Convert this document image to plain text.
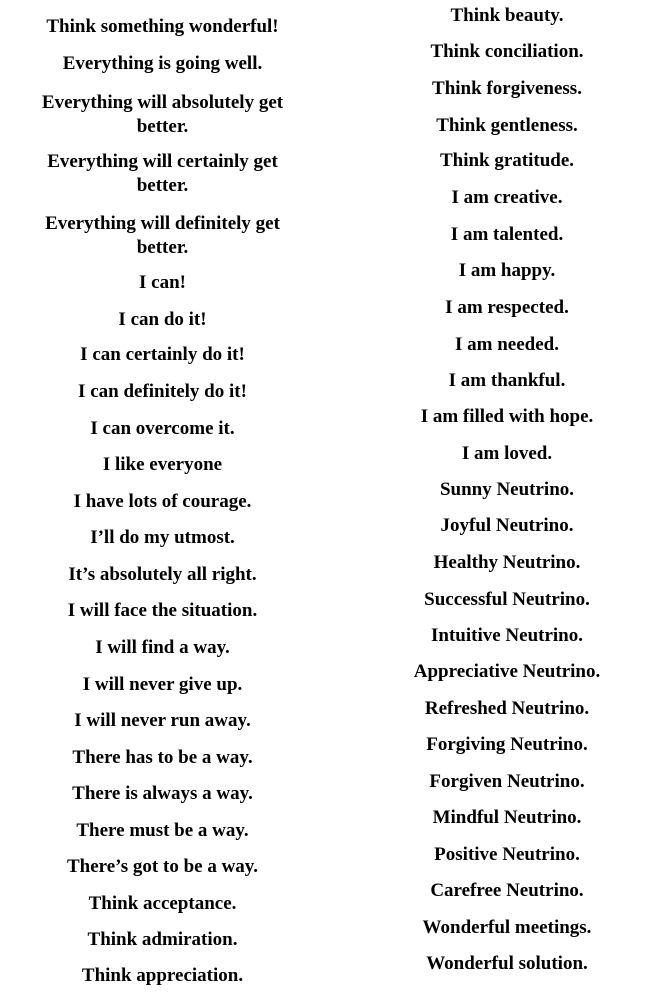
Think something wonderful!
Everything is going well.
Everything will absolutely get better.
Everything will certainly get better.
Everything will definitely get better.
I can!
I can do it!
I can certainly do it!
I can definitely do it!
I can overcome it.
I like everyone
I have lots of courage.
I’ll do my utmost.
It’s absolutely all right.
I will face the situation.
I will find a way.
I will never give up.
I will never run away.
There has to be a way.
There is always a way.
There must be a way.
There’s got to be a way.
Think acceptance.
Think admiration.
Think appreciation.
Think beauty.
Think conciliation.
Think forgiveness.
Think gentleness.
Think gratitude.
I am creative.
I am talented.
I am happy.
I am respected.
I am needed.
I am thankful.
I am filled with hope.
I am loved.
Sunny Neutrino.
Joyful Neutrino.
Healthy Neutrino.
Successful Neutrino.
Intuitive Neutrino.
Appreciative Neutrino.
Refreshed Neutrino.
Forgiving Neutrino.
Forgiven Neutrino.
Mindful Neutrino.
Positive Neutrino.
Carefree Neutrino.
Wonderful meetings.
Wonderful solution.
